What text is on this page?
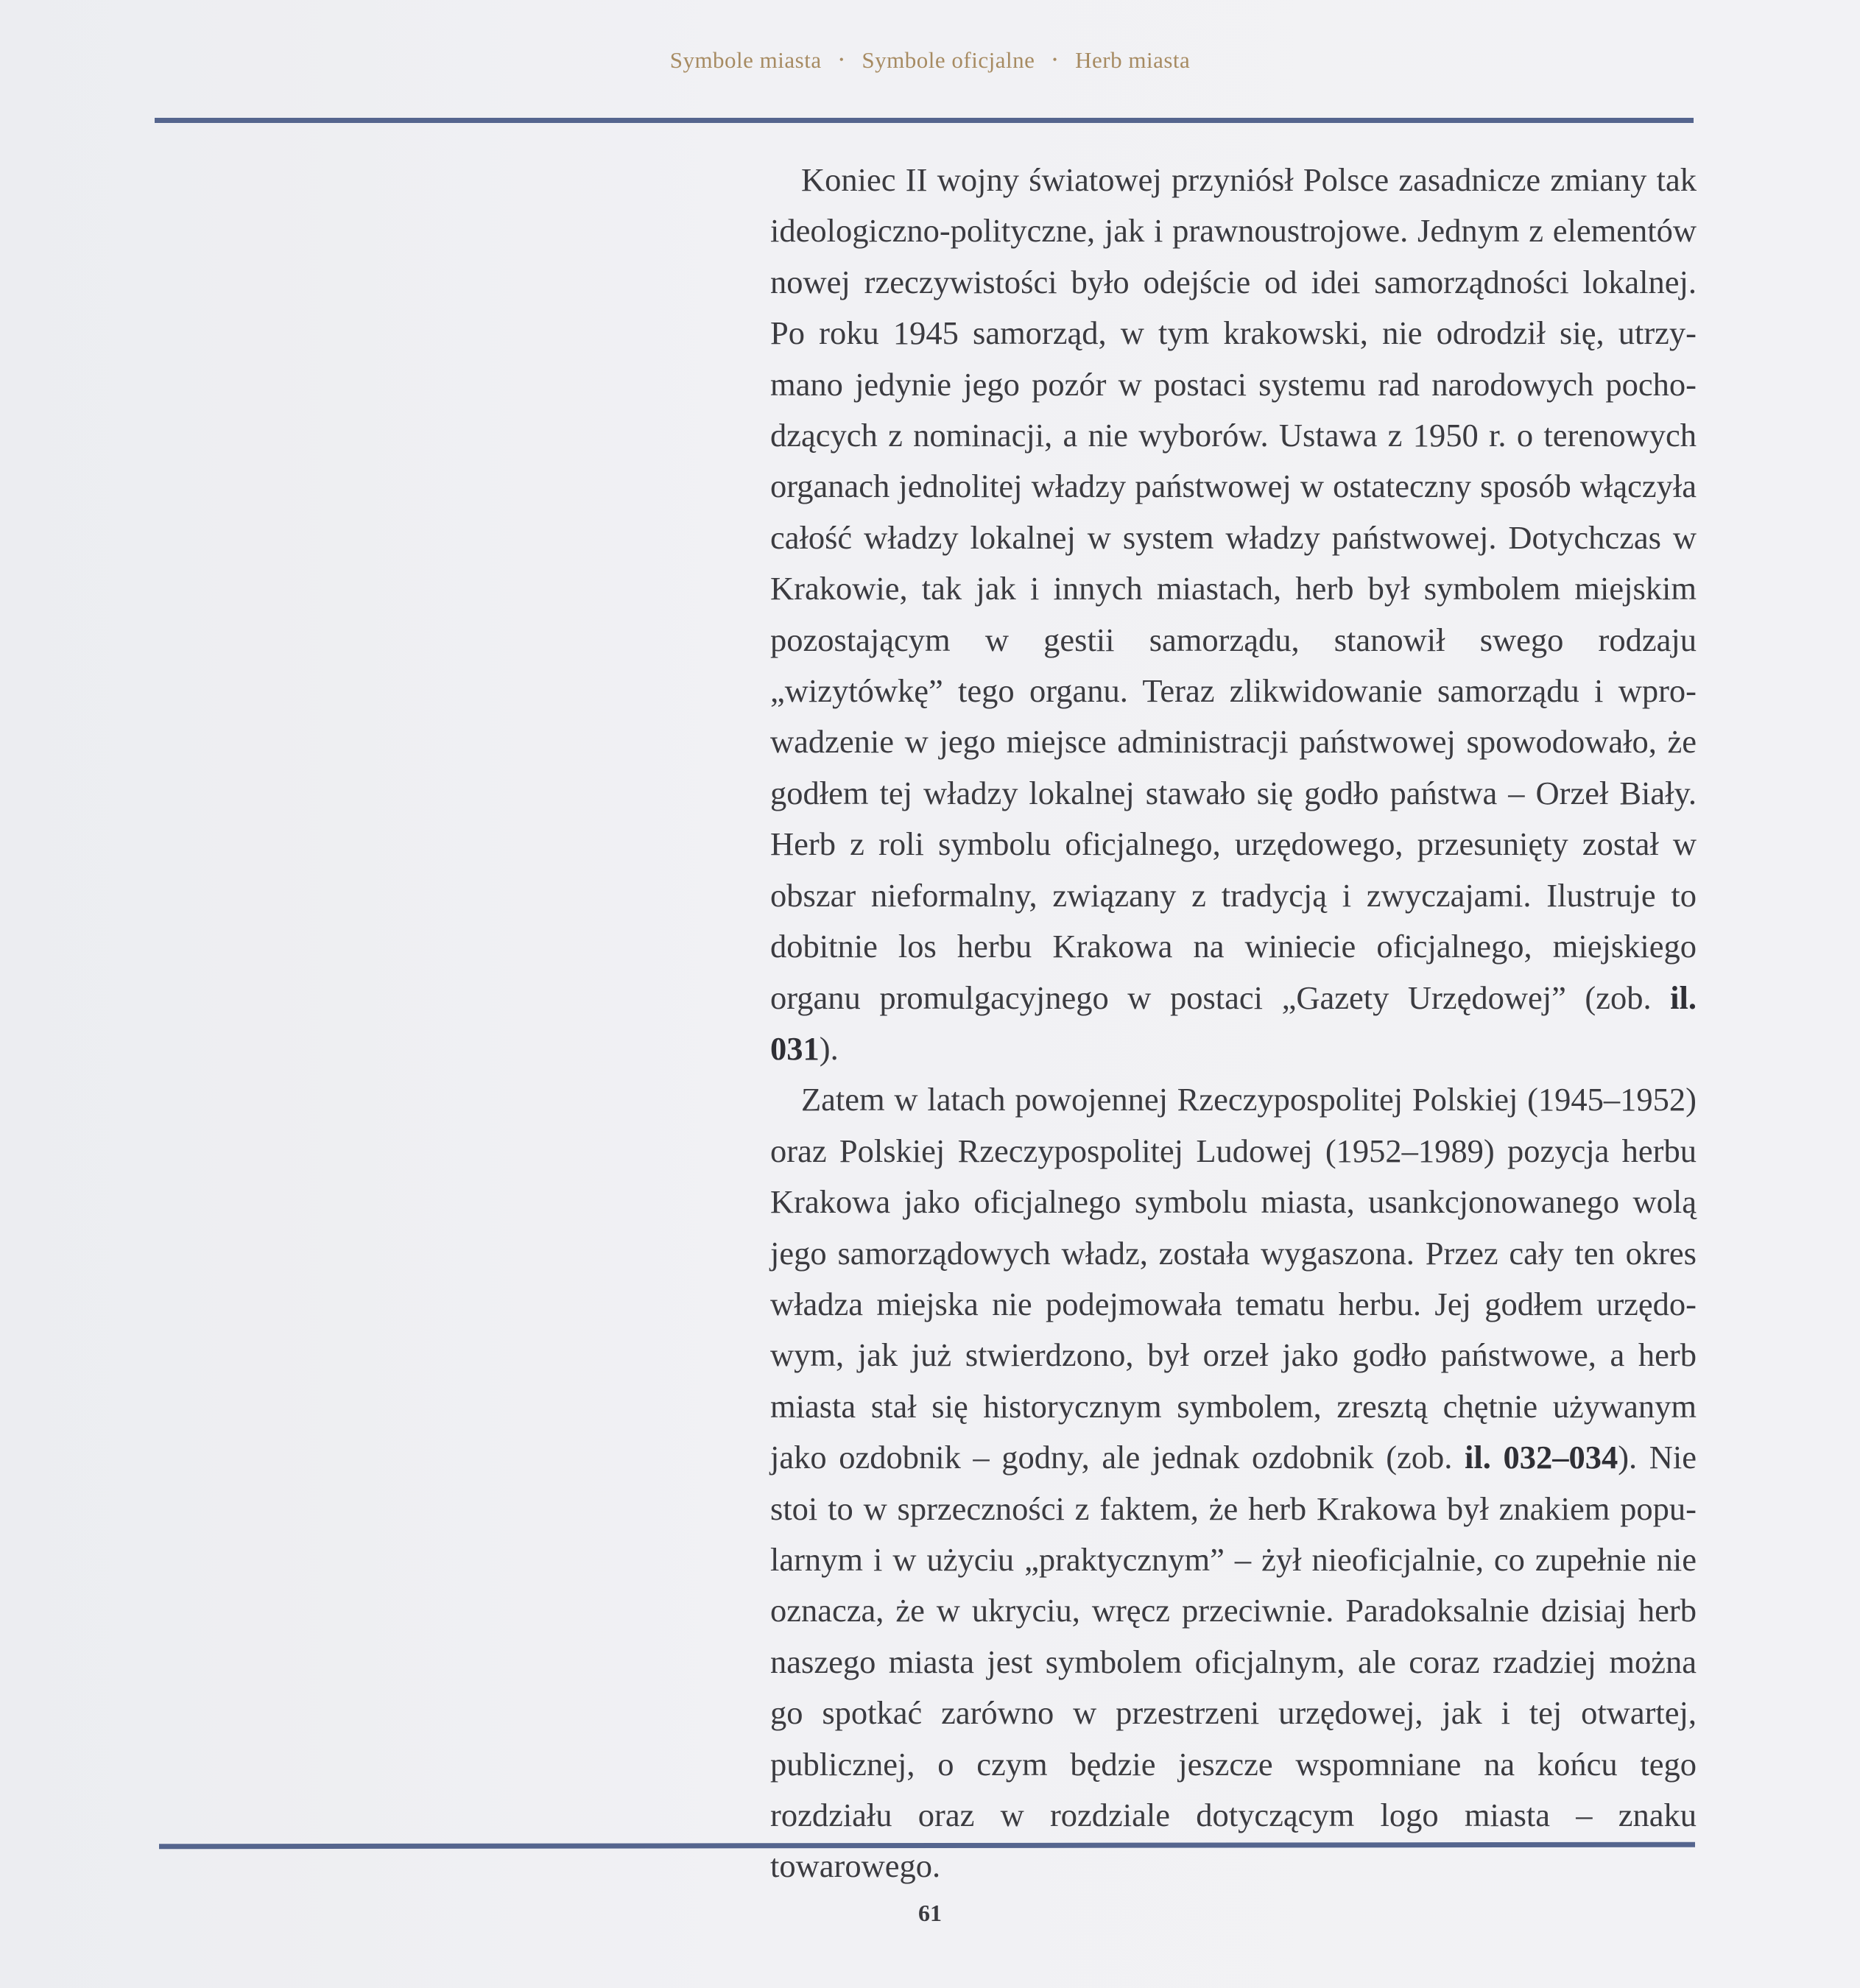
Symbole miasta • Symbole oficjalne • Herb miasta

Koniec II wojny światowej przyniósł Polsce zasadnicze zmiany tak ideologiczno-polityczne, jak i prawnoustrojowe. Jednym z elementów nowej rzeczywistości było odejście od idei samorządności lokalnej. Po roku 1945 samorząd, w tym krakowski, nie odrodził się, utrzymano jedynie jego pozór w postaci systemu rad narodowych pochodzących z nominacji, a nie wyborów. Ustawa z 1950 r. o terenowych organach jednolitej władzy państwowej w ostateczny sposób włączyła całość władzy lokalnej w system władzy państwowej. Dotychczas w Krakowie, tak jak i innych miastach, herb był symbolem miejskim pozostającym w gestii samorządu, stanowił swego rodzaju „wizytówkę” tego organu. Teraz zlikwidowanie samorządu i wprowadzenie w jego miejsce administracji państwowej spowodowało, że godłem tej władzy lokalnej stawało się godło państwa – Orzeł Biały. Herb z roli symbolu oficjalnego, urzędowego, przesunięty został w obszar nieformalny, związany z tradycją i zwyczajami. Ilustruje to dobitnie los herbu Krakowa na winiecie oficjalnego, miejskiego organu promulgacyjnego w postaci „Gazety Urzędowej” (zob. il. 031).

Zatem w latach powojennej Rzeczypospolitej Polskiej (1945–1952) oraz Polskiej Rzeczypospolitej Ludowej (1952–1989) pozycja herbu Krakowa jako oficjalnego symbolu miasta, usankcjonowanego wolą jego samorządowych władz, została wygaszona. Przez cały ten okres władza miejska nie podejmowała tematu herbu. Jej godłem urzędowym, jak już stwierdzono, był orzeł jako godło państwowe, a herb miasta stał się historycznym symbolem, zresztą chętnie używanym jako ozdobnik – godny, ale jednak ozdobnik (zob. il. 032–034). Nie stoi to w sprzeczności z faktem, że herb Krakowa był znakiem popularnym i w użyciu „praktycznym” – żył nieoficjalnie, co zupełnie nie oznacza, że w ukryciu, wręcz przeciwnie. Paradoksalnie dzisiaj herb naszego miasta jest symbolem oficjalnym, ale coraz rzadziej można go spotkać zarówno w przestrzeni urzędowej, jak i tej otwartej, publicznej, o czym będzie jeszcze wspomniane na końcu tego rozdziału oraz w rozdziale dotyczącym logo miasta – znaku towarowego.

61
